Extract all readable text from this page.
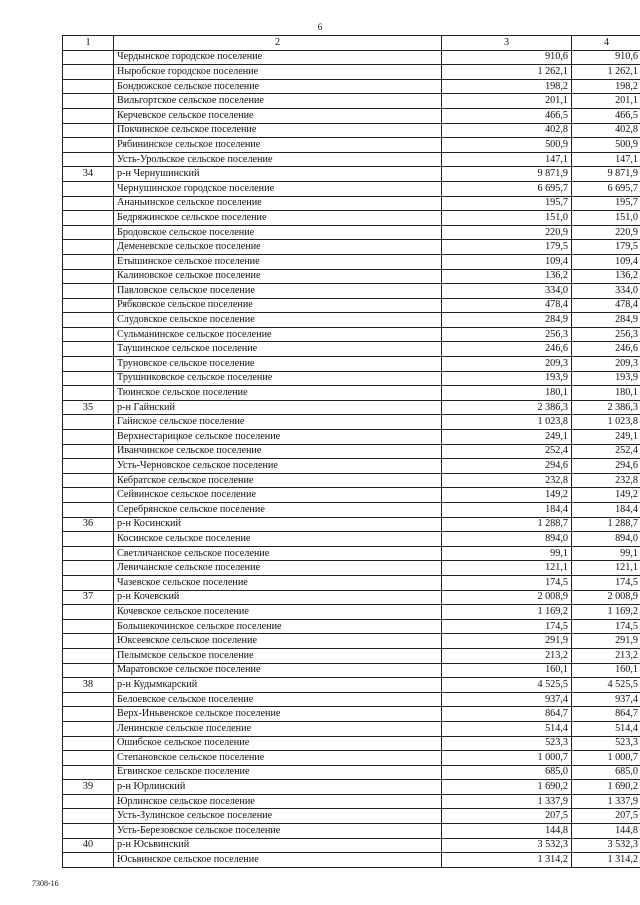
6
1	2	3	4
	Чердынское городское поселение	910,6	910,6
	Ныробское городское поселение	1 262,1	1 262,1
	Бондюжское сельское поселение	198,2	198,2
	Вильгортское сельское поселение	201,1	201,1
	Керчевское сельское поселение	466,5	466,5
	Покчинское сельское поселение	402,8	402,8
	Рябининское сельское поселение	500,9	500,9
	Усть-Урольское сельское поселение	147,1	147,1
34	р-н Чернушинский	9 871,9	9 871,9
	Чернушинское городское поселение	6 695,7	6 695,7
	Ананьинское сельское поселение	195,7	195,7
	Бедряжинское сельское поселение	151,0	151,0
	Бродовское сельское поселение	220,9	220,9
	Деменевское сельское поселение	179,5	179,5
	Етышинское сельское поселение	109,4	109,4
	Калиновское сельское поселение	136,2	136,2
	Павловское сельское поселение	334,0	334,0
	Рябковское сельское поселение	478,4	478,4
	Слудовское сельское поселение	284,9	284,9
	Сульманинское сельское поселение	256,3	256,3
	Таушинское сельское поселение	246,6	246,6
	Труновское сельское поселение	209,3	209,3
	Трушниковское сельское поселение	193,9	193,9
	Тюинское сельское поселение	180,1	180,1
35	р-н Гайнский	2 386,3	2 386,3
	Гайнское сельское поселение	1 023,8	1 023,8
	Верхнестарицкое сельское поселение	249,1	249,1
	Иванчинское сельское поселение	252,4	252,4
	Усть-Черновское сельское поселение	294,6	294,6
	Кебратское сельское поселение	232,8	232,8
	Сейвинское сельское поселение	149,2	149,2
	Серебрянское сельское поселение	184,4	184,4
36	р-н Косинский	1 288,7	1 288,7
	Косинское сельское поселение	894,0	894,0
	Светличанское сельское поселение	99,1	99,1
	Левичанское сельское поселение	121,1	121,1
	Чазевское сельское поселение	174,5	174,5
37	р-н Кочевский	2 008,9	2 008,9
	Кочевское сельское поселение	1 169,2	1 169,2
	Большекочинское сельское поселение	174,5	174,5
	Юксеевское сельское поселение	291,9	291,9
	Пелымское сельское поселение	213,2	213,2
	Маратовское сельское поселение	160,1	160,1
38	р-н Кудымкарский	4 525,5	4 525,5
	Белоевское сельское поселение	937,4	937,4
	Верх-Иньвенское сельское поселение	864,7	864,7
	Ленинское сельское поселение	514,4	514,4
	Ошибское сельское поселение	523,3	523,3
	Степановское сельское поселение	1 000,7	1 000,7
	Егвинское сельское поселение	685,0	685,0
39	р-н Юрлинский	1 690,2	1 690,2
	Юрлинское сельское поселение	1 337,9	1 337,9
	Усть-Зулинское сельское поселение	207,5	207,5
	Усть-Березовское сельское поселение	144,8	144,8
40	р-н Юсьвинский	3 532,3	3 532,3
	Юсьвинское сельское поселение	1 314,2	1 314,2
7308-16
